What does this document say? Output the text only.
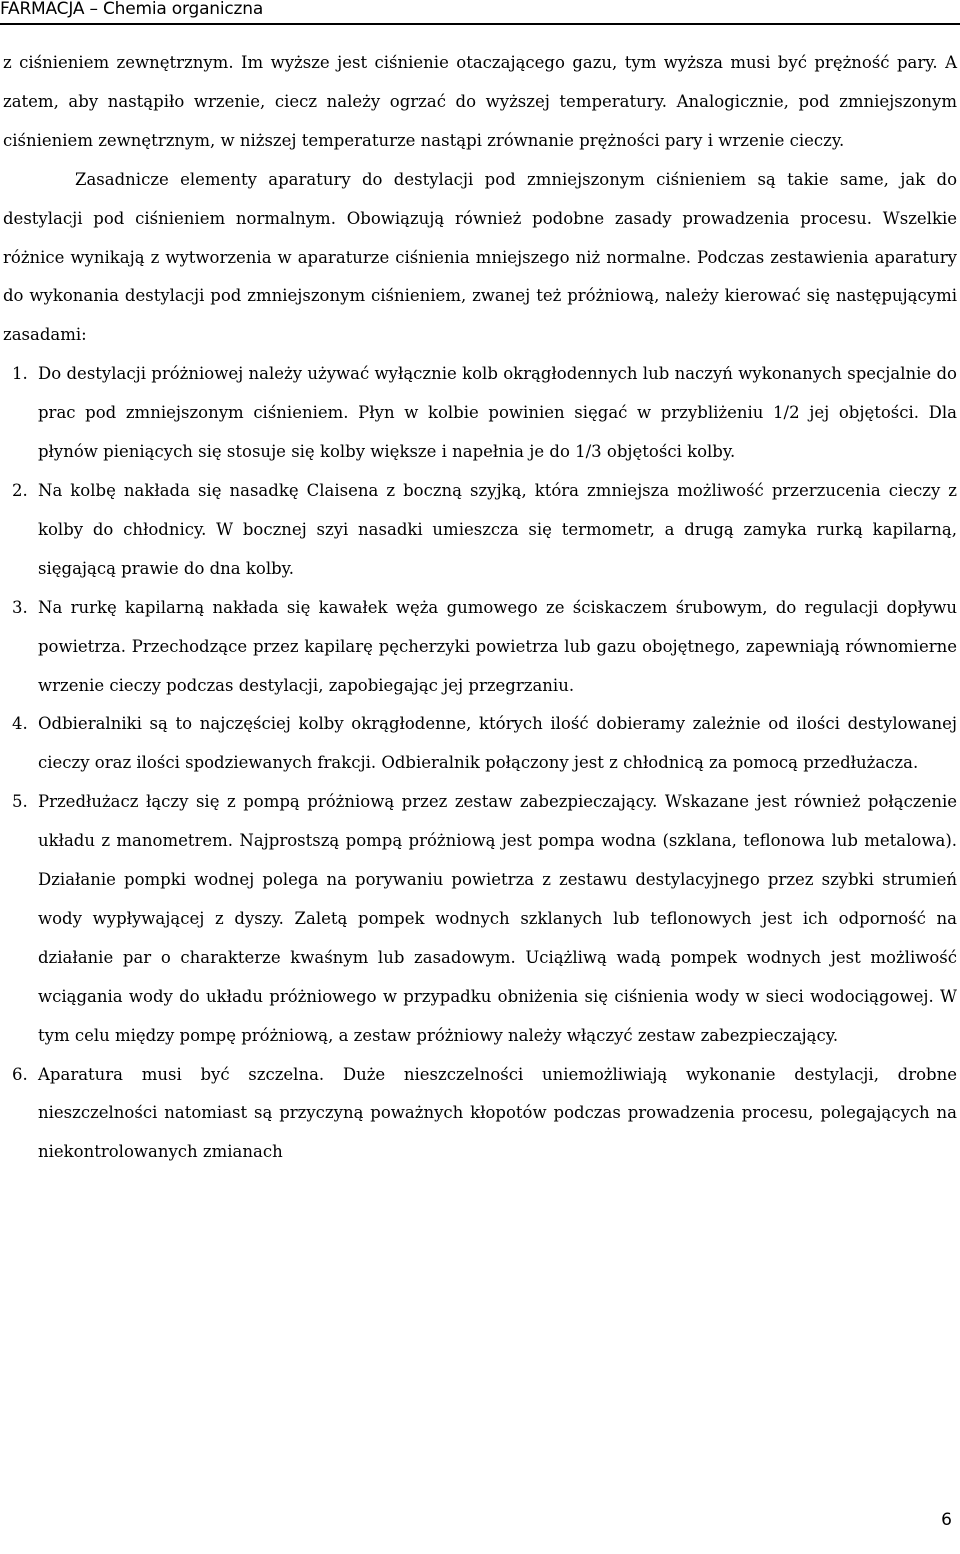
FARMACJA – Chemia organiczna

z ciśnieniem zewnętrznym. Im wyższe jest ciśnienie otaczającego gazu, tym wyższa musi być prężność pary. A zatem, aby nastąpiło wrzenie, ciecz należy ogrzać do wyższej temperatury. Analogicznie, pod zmniejszonym ciśnieniem zewnętrznym, w niższej temperaturze nastąpi zrównanie prężności pary i wrzenie cieczy.

Zasadnicze elementy aparatury do destylacji pod zmniejszonym ciśnieniem są takie same, jak do destylacji pod ciśnieniem normalnym. Obowiązują również podobne zasady prowadzenia procesu. Wszelkie różnice wynikają z wytworzenia w aparaturze ciśnienia mniejszego niż normalne. Podczas zestawienia aparatury do wykonania destylacji pod zmniejszonym ciśnieniem, zwanej też próżniową, należy kierować się następującymi zasadami:

1. Do destylacji próżniowej należy używać wyłącznie kolb okrągłodennych lub naczyń wykonanych specjalnie do prac pod zmniejszonym ciśnieniem. Płyn w kolbie powinien sięgać w przybliżeniu 1/2 jej objętości. Dla płynów pieniących się stosuje się kolby większe i napełnia je do 1/3 objętości kolby.
2. Na kolbę nakłada się nasadkę Claisena z boczną szyjką, która zmniejsza możliwość przerzucenia cieczy z kolby do chłodnicy. W bocznej szyi nasadki umieszcza się termometr, a drugą zamyka rurką kapilarną, sięgającą prawie do dna kolby.
3. Na rurkę kapilarną nakłada się kawałek węża gumowego ze ściskaczem śrubowym, do regulacji dopływu powietrza. Przechodzące przez kapilarę pęcherzyki powietrza lub gazu obojętnego, zapewniają równomierne wrzenie cieczy podczas destylacji, zapobiegając jej przegrzaniu.
4. Odbieralniki są to najczęściej kolby okrągłodenne, których ilość dobieramy zależnie od ilości destylowanej cieczy oraz ilości spodziewanych frakcji. Odbieralnik połączony jest z chłodnicą za pomocą przedłużacza.
5. Przedłużacz łączy się z pompą próżniową przez zestaw zabezpieczający. Wskazane jest również połączenie układu z manometrem. Najprostszą pompą próżniową jest pompa wodna (szklana, teflonowa lub metalowa). Działanie pompki wodnej polega na porywaniu powietrza z zestawu destylacyjnego przez szybki strumień wody wypływającej z dyszy. Zaletą pompek wodnych szklanych lub teflonowych jest ich odporność na działanie par o charakterze kwaśnym lub zasadowym. Uciążliwą wadą pompek wodnych jest możliwość wciągania wody do układu próżniowego w przypadku obniżenia się ciśnienia wody w sieci wodociągowej. W tym celu między pompę próżniową, a zestaw próżniowy należy włączyć zestaw zabezpieczający.
6. Aparatura musi być szczelna. Duże nieszczelności uniemożliwiają wykonanie destylacji, drobne nieszczelności natomiast są przyczyną poważnych kłopotów podczas prowadzenia procesu, polegających na niekontrolowanych zmianach
6
